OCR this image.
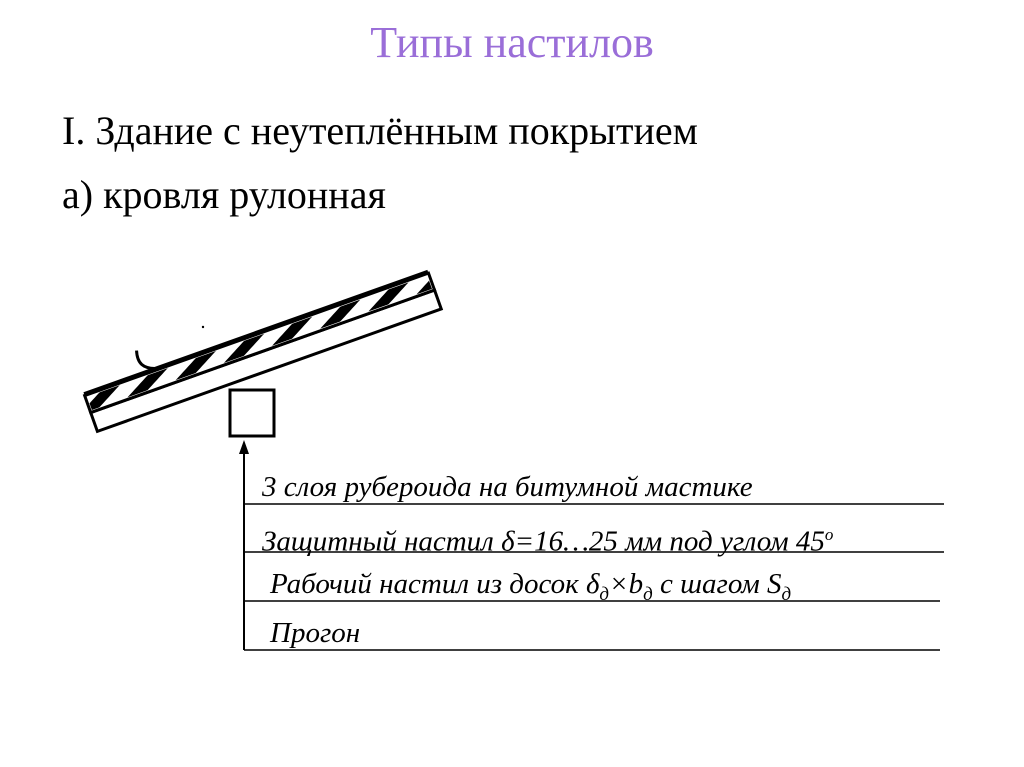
Типы настилов
I. Здание с неутеплённым покрытием
а) кровля рулонная
3 слоя рубероида на битумной мастике
Защитный настил δ=16…25 мм под углом $45^о$
Рабочий настил из досок $\delta_д\times b_д$ с шагом $S_д$
Прогон
